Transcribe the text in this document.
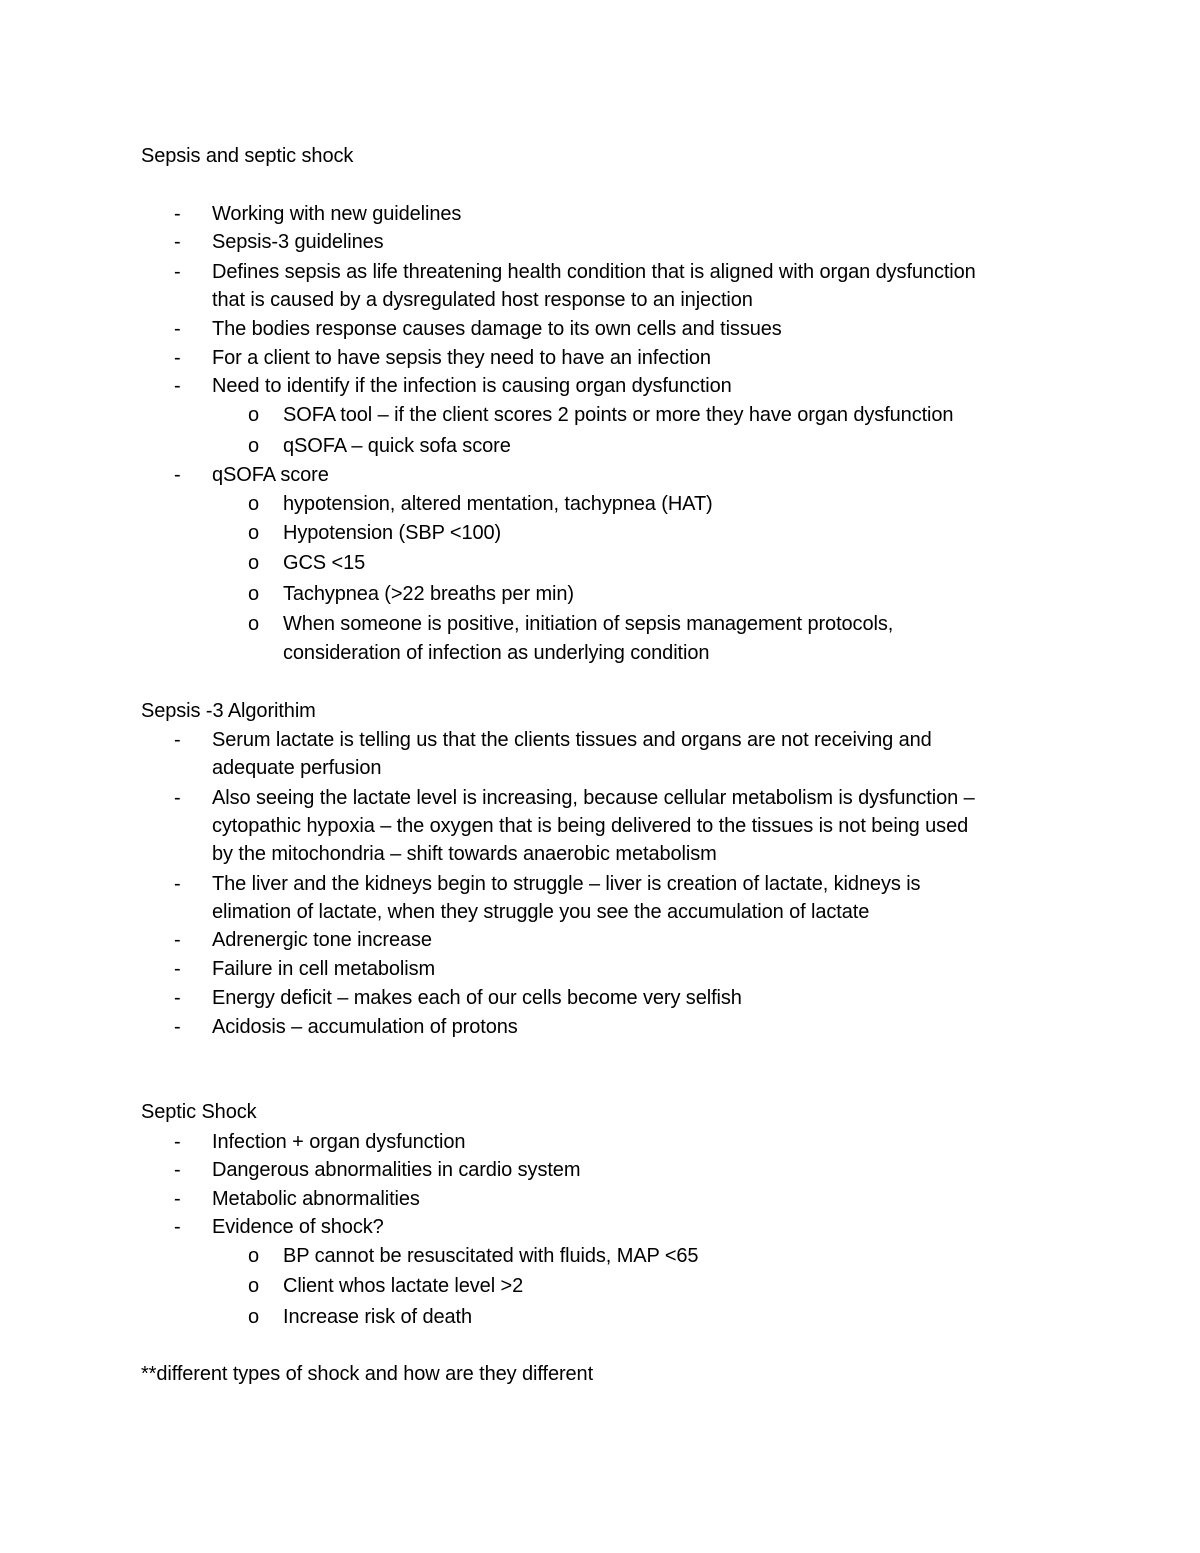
Sepsis and septic shock
- Working with new guidelines
- Sepsis-3 guidelines
- Defines sepsis as life threatening health condition that is aligned with organ dysfunction
that is caused by a dysregulated host response to an injection
- The bodies response causes damage to its own cells and tissues
- For a client to have sepsis they need to have an infection
- Need to identify if the infection is causing organ dysfunction
o SOFA tool – if the client scores 2 points or more they have organ dysfunction
o qSOFA – quick sofa score
- qSOFA score
o hypotension, altered mentation, tachypnea (HAT)
o Hypotension (SBP <100)
o GCS <15
o Tachypnea (>22 breaths per min)
o When someone is positive, initiation of sepsis management protocols,
consideration of infection as underlying condition
Sepsis -3 Algorithim
- Serum lactate is telling us that the clients tissues and organs are not receiving and
adequate perfusion
- Also seeing the lactate level is increasing, because cellular metabolism is dysfunction –
cytopathic hypoxia – the oxygen that is being delivered to the tissues is not being used
by the mitochondria – shift towards anaerobic metabolism
- The liver and the kidneys begin to struggle – liver is creation of lactate, kidneys is
elimation of lactate, when they struggle you see the accumulation of lactate
- Adrenergic tone increase
- Failure in cell metabolism
- Energy deficit – makes each of our cells become very selfish
- Acidosis – accumulation of protons
Septic Shock
- Infection + organ dysfunction
- Dangerous abnormalities in cardio system
- Metabolic abnormalities
- Evidence of shock?
o BP cannot be resuscitated with fluids, MAP <65
o Client whos lactate level >2
o Increase risk of death
**different types of shock and how are they different
